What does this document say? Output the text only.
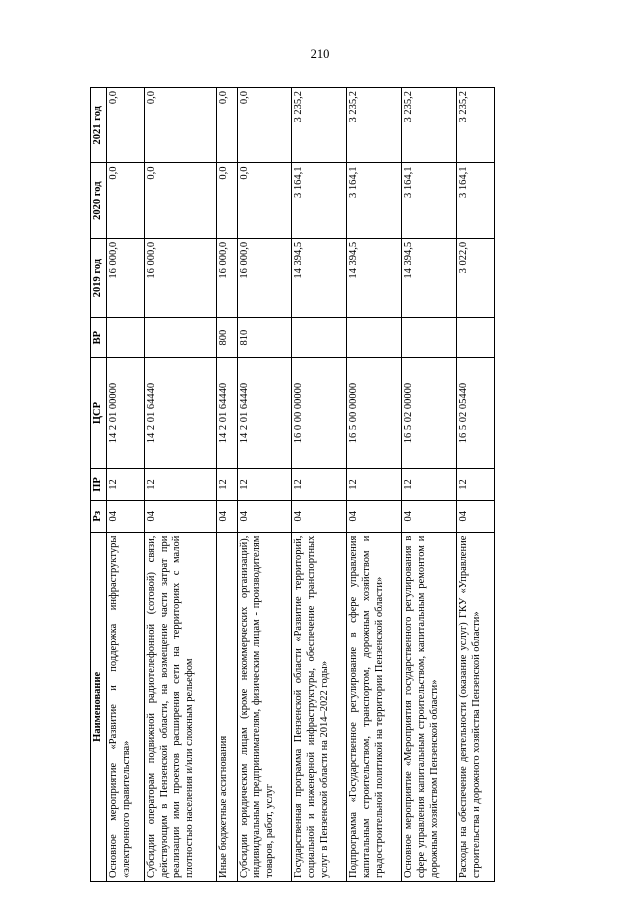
210
Наименование	Рз	ПР	ЦСР	ВР	2019 год	2020 год	2021 год
Основное мероприятие «Развитие и поддержка инфраструктуры «электронного правительства»	04	12	14 2 01 00000		16 000,0	0,0	0,0
Субсидии операторам подвижной радиотелефонной (сотовой) связи, действующим в Пензенской области, на возмещение части затрат при реализации ими проектов расширения сети на территориях с малой плотностью населения и/или сложным рельефом	04	12	14 2 01 64440		16 000,0	0,0	0,0
Иные бюджетные ассигнования	04	12	14 2 01 64440	800	16 000,0	0,0	0,0
Субсидии юридическим лицам (кроме некоммерческих организаций), индивидуальным предпринимателям, физическим лицам - производителям товаров, работ, услуг	04	12	14 2 01 64440	810	16 000,0	0,0	0,0
Государственная программа Пензенской области «Развитие территорий, социальной и инженерной инфраструктуры, обеспечение транспортных услуг в Пензенской области на 2014–2022 годы»	04	12	16 0 00 00000		14 394,5	3 164,1	3 235,2
Подпрограмма «Государственное регулирование в сфере управления капитальным строительством, транспортом, дорожным хозяйством и градостроительной политикой на территории Пензенской области»	04	12	16 5 00 00000		14 394,5	3 164,1	3 235,2
Основное мероприятие «Мероприятия государственного регулирования в сфере управления капитальным строительством, капитальным ремонтом и дорожным хозяйством Пензенской области»	04	12	16 5 02 00000		14 394,5	3 164,1	3 235,2
Расходы на обеспечение деятельности (оказание услуг) ГКУ «Управление строительства и дорожного хозяйства Пензенской области»	04	12	16 5 02 05440		3 022,0	3 164,1	3 235,2
